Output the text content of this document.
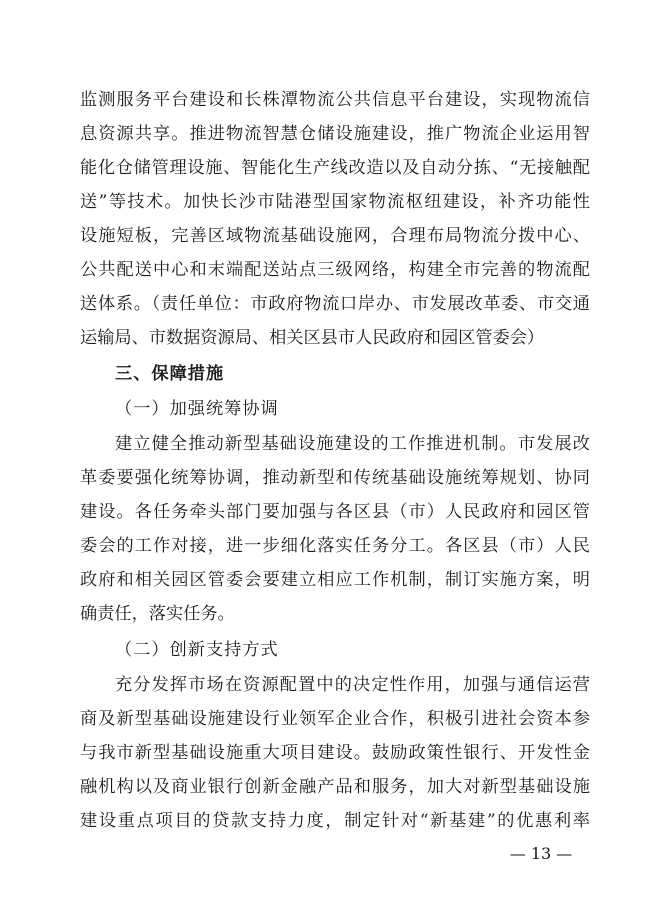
监测服务平台建设和长株潭物流公共信息平台建设，实现物流信
息资源共享。推进物流智慧仓储设施建设，推广物流企业运用智
能化仓储管理设施、智能化生产线改造以及自动分拣、“无接触配
送”等技术。加快长沙市陆港型国家物流枢纽建设，补齐功能性
设施短板，完善区域物流基础设施网，合理布局物流分拨中心、
公共配送中心和末端配送站点三级网络，构建全市完善的物流配
送体系。（责任单位：市政府物流口岸办、市发展改革委、市交通
运输局、市数据资源局、相关区县市人民政府和园区管委会）
三、保障措施
（一）加强统筹协调
建立健全推动新型基础设施建设的工作推进机制。市发展改
革委要强化统筹协调，推动新型和传统基础设施统筹规划、协同
建设。各任务牵头部门要加强与各区县（市）人民政府和园区管
委会的工作对接，进一步细化落实任务分工。各区县（市）人民
政府和相关园区管委会要建立相应工作机制，制订实施方案，明
确责任，落实任务。
（二）创新支持方式
充分发挥市场在资源配置中的决定性作用，加强与通信运营
商及新型基础设施建设行业领军企业合作，积极引进社会资本参
与我市新型基础设施重大项目建设。鼓励政策性银行、开发性金
融机构以及商业银行创新金融产品和服务，加大对新型基础设施
建设重点项目的贷款支持力度，制定针对“新基建”的优惠利率
— 13 —
